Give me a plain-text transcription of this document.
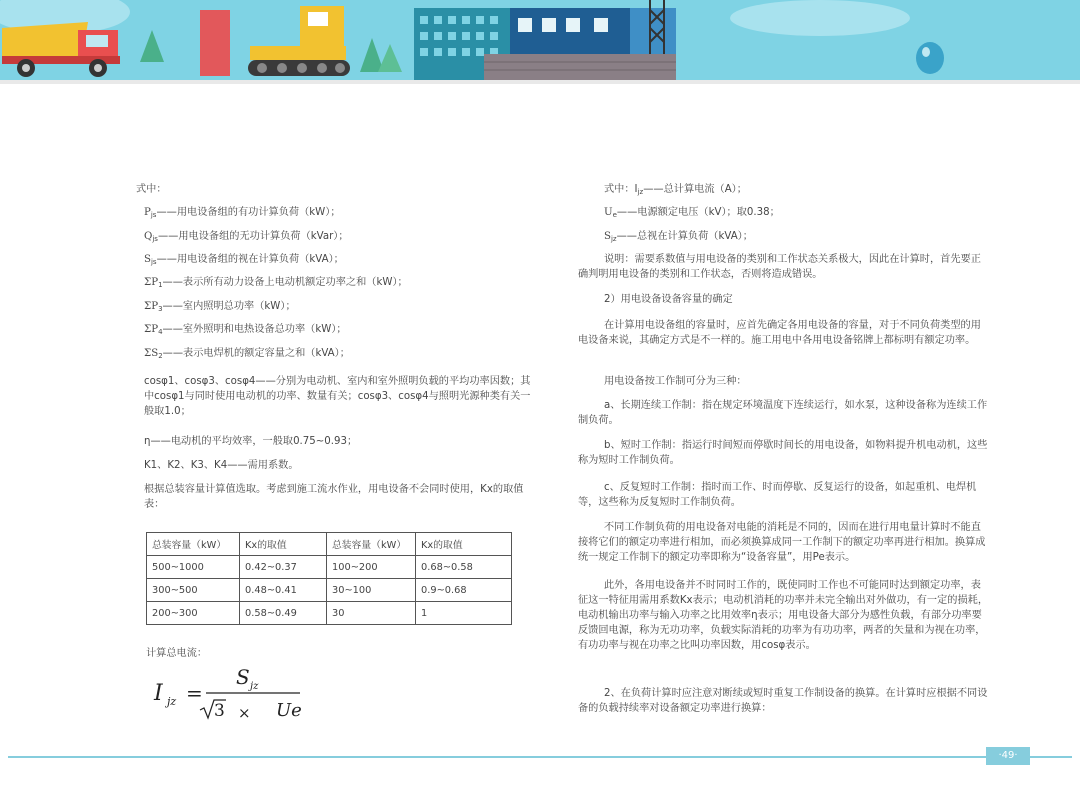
式中：

$P_{js}——$用电设备组的有功计算负荷（kW）；

$Q_{js}——$用电设备组的无功计算负荷（kVar）；

$S_{js}——$用电设备组的视在计算负荷（kVA）；

$\Sigma P_1——$表示所有动力设备上电动机额定功率之和（kW）；

$\Sigma P_3——$室内照明总功率（kW）；

$\Sigma P_4——$室外照明和电热设备总功率（kW）；

$\Sigma S_2——$表示电焊机的额定容量之和（kVA）；

cosφ1、cosφ3、cosφ4——分别为电动机、室内和室外照明负载的平均功率因数；其中cosφ1与同时使用电动机的功率、数量有关；cosφ3、cosφ4与照明光源种类有关一般取1.0；

η——电动机的平均效率，一般取0.75~0.93；

K1、K2、K3、K4——需用系数。

根据总装容量计算值选取。考虑到施工流水作业，用电设备不会同时使用，Kx的取值表：

计算总电流：

总装容量（kW）	Kx的取值	总装容量（kW）	Kx的取值
500~1000	0.42~0.37	100~200	0.68~0.58
300~500	0.48~0.41	30~100	0.9~0.68
200~300	0.58~0.49	30	1
I jz =
S jz
3 × Ue

式中：$I_{jz}——$总计算电流（A）；

$U_e——$电源额定电压（kV）；取0.38；

$S_{jz}——$总视在计算负荷（kVA）；

说明：需要系数值与用电设备的类别和工作状态关系极大，因此在计算时，首先要正确判明用电设备的类别和工作状态，否则将造成错误。

2）用电设备设备容量的确定

在计算用电设备组的容量时，应首先确定各用电设备的容量，对于不同负荷类型的用电设备来说，其确定方式是不一样的。施工用电中各用电设备铭牌上都标明有额定功率。

用电设备按工作制可分为三种：

a、长期连续工作制：指在规定环境温度下连续运行，如水泵，这种设备称为连续工作制负荷。

b、短时工作制：指运行时间短而停歇时间长的用电设备，如物料提升机电动机，这些称为短时工作制负荷。

c、反复短时工作制：指时而工作、时而停歇、反复运行的设备，如起重机、电焊机等，这些称为反复短时工作制负荷。

不同工作制负荷的用电设备对电能的消耗是不同的，因而在进行用电量计算时不能直接将它们的额定功率进行相加，而必须换算成同一工作制下的额定功率再进行相加。换算成统一规定工作制下的额定功率即称为“设备容量”，用Pe表示。

此外，各用电设备并不时同时工作的，既使同时工作也不可能同时达到额定功率，表征这一特征用需用系数Kx表示；电动机消耗的功率并未完全输出对外做功，有一定的损耗，电动机输出功率与输入功率之比用效率η表示；用电设备大部分为感性负载，有部分功率要反馈回电源，称为无功功率，负载实际消耗的功率为有功功率，两者的矢量和为视在功率，有功功率与视在功率之比叫功率因数，用cosφ表示。

2、在负荷计算时应注意对断续或短时重复工作制设备的换算。在计算时应根据不同设备的负载持续率对设备额定功率进行换算：

·49·
